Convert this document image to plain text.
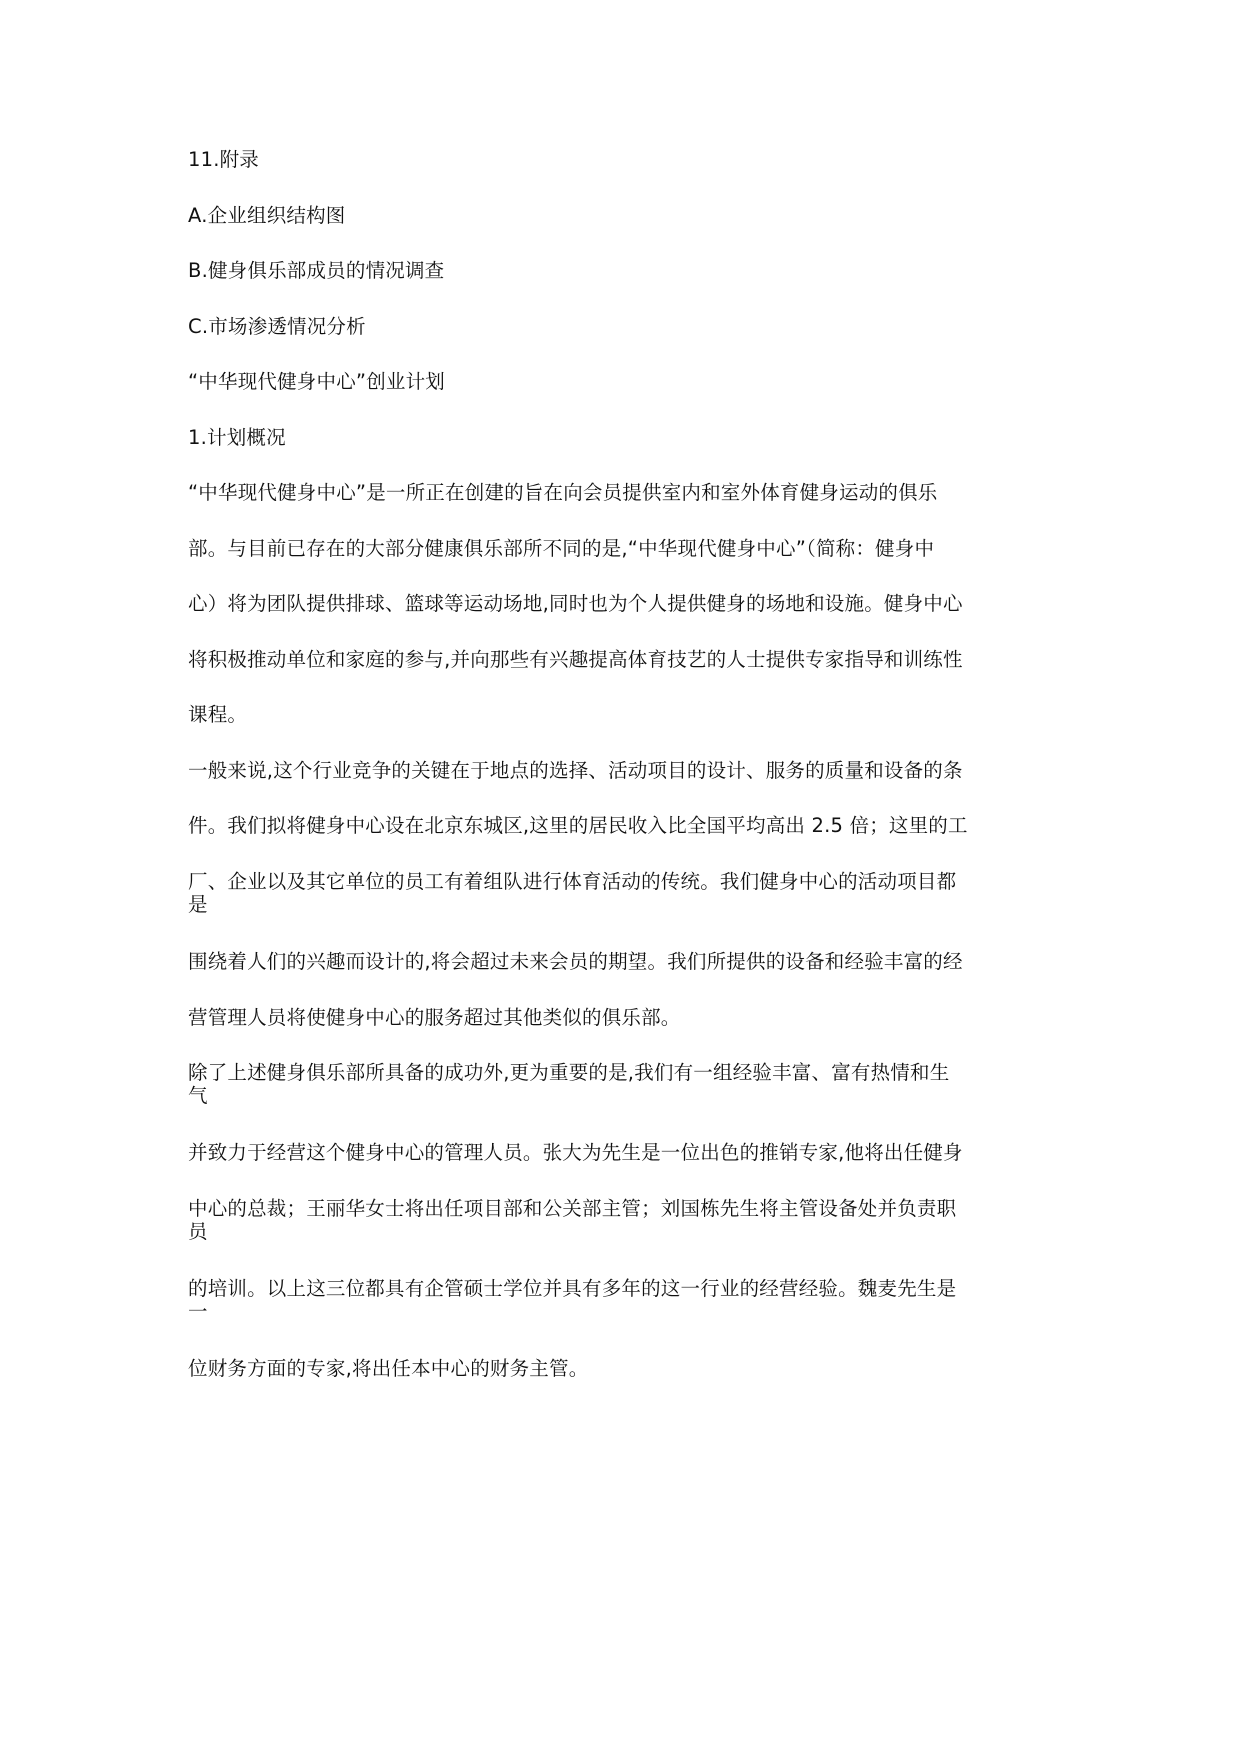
11.附录
A.企业组织结构图
B.健身俱乐部成员的情况调查
C.市场渗透情况分析
“中华现代健身中心”创业计划
1.计划概况
“中华现代健身中心”是一所正在创建的旨在向会员提供室内和室外体育健身运动的俱乐
部。与目前已存在的大部分健康俱乐部所不同的是,“中华现代健身中心”（简称：健身中
心）将为团队提供排球、篮球等运动场地,同时也为个人提供健身的场地和设施。健身中心
将积极推动单位和家庭的参与,并向那些有兴趣提高体育技艺的人士提供专家指导和训练性
课程。
一般来说,这个行业竞争的关键在于地点的选择、活动项目的设计、服务的质量和设备的条
件。我们拟将健身中心设在北京东城区,这里的居民收入比全国平均高出 2.5 倍；这里的工
厂、企业以及其它单位的员工有着组队进行体育活动的传统。我们健身中心的活动项目都
是
围绕着人们的兴趣而设计的,将会超过未来会员的期望。我们所提供的设备和经验丰富的经
营管理人员将使健身中心的服务超过其他类似的俱乐部。
除了上述健身俱乐部所具备的成功外,更为重要的是,我们有一组经验丰富、富有热情和生
气
并致力于经营这个健身中心的管理人员。张大为先生是一位出色的推销专家,他将出任健身
中心的总裁；王丽华女士将出任项目部和公关部主管；刘国栋先生将主管设备处并负责职
员
的培训。以上这三位都具有企管硕士学位并具有多年的这一行业的经营经验。魏麦先生是
一
位财务方面的专家,将出任本中心的财务主管。
